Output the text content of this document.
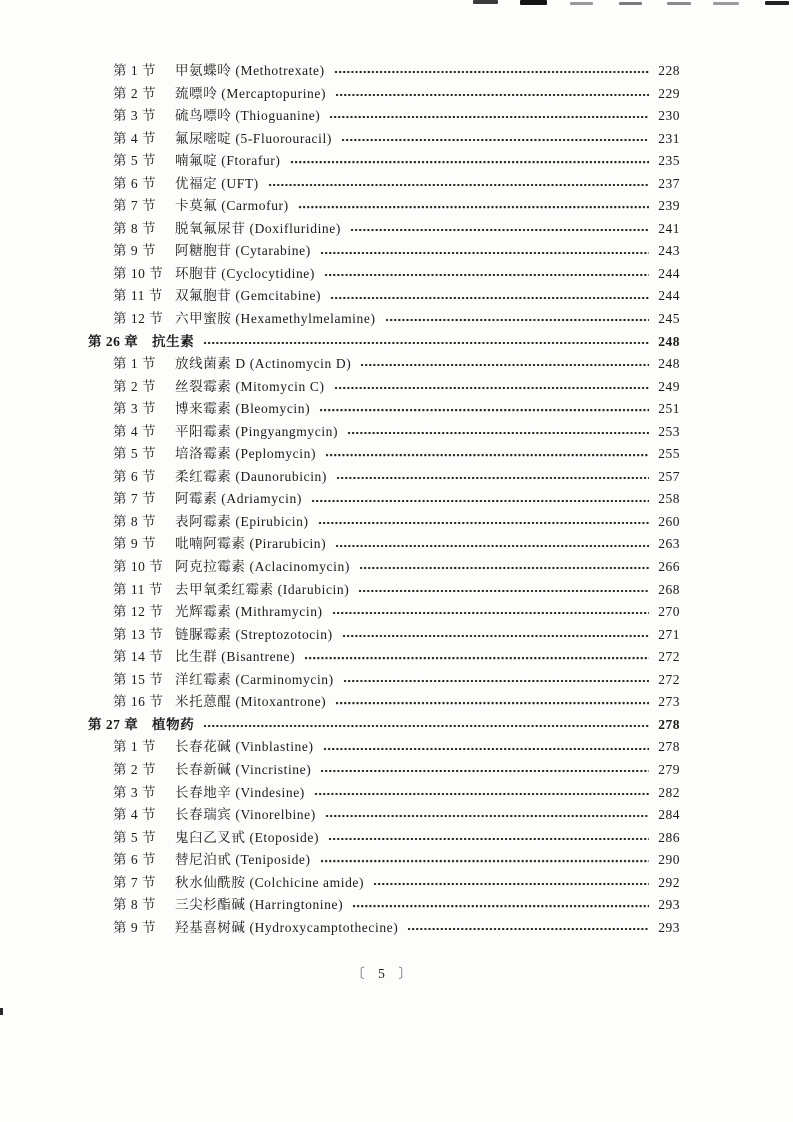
第 1 节	甲氨蝶呤 (Methotrexate)	228
第 2 节	巯嘌呤 (Mercaptopurine)	229
第 3 节	硫鸟嘌呤 (Thioguanine)	230
第 4 节	氟尿嘧啶 (5-Fluorouracil)	231
第 5 节	喃氟啶 (Ftorafur)	235
第 6 节	优福定 (UFT)	237
第 7 节	卡莫氟 (Carmofur)	239
第 8 节	脱氧氟尿苷 (Doxifluridine)	241
第 9 节	阿糖胞苷 (Cytarabine)	243
第 10 节 环胞苷 (Cyclocytidine)	244
第 11 节 双氟胞苷 (Gemcitabine)	244
第 12 节 六甲蜜胺 (Hexamethylmelamine)	245
第 26 章	抗生素	248
第 1 节	放线菌素 D (Actinomycin D)	248
第 2 节	丝裂霉素 (Mitomycin C)	249
第 3 节	博来霉素 (Bleomycin)	251
第 4 节	平阳霉素 (Pingyangmycin)	253
第 5 节	培洛霉素 (Peplomycin)	255
第 6 节	柔红霉素 (Daunorubicin)	257
第 7 节	阿霉素 (Adriamycin)	258
第 8 节	表阿霉素 (Epirubicin)	260
第 9 节	吡喃阿霉素 (Pirarubicin)	263
第 10 节 阿克拉霉素 (Aclacinomycin)	266
第 11 节 去甲氧柔红霉素 (Idarubicin)	268
第 12 节 光辉霉素 (Mithramycin)	270
第 13 节 链脲霉素 (Streptozotocin)	271
第 14 节 比生群 (Bisantrene)	272
第 15 节 洋红霉素 (Carminomycin)	272
第 16 节 米托蒽醌 (Mitoxantrone)	273
第 27 章	植物药	278
第 1 节	长春花碱 (Vinblastine)	278
第 2 节	长春新碱 (Vincristine)	279
第 3 节	长春地辛 (Vindesine)	282
第 4 节	长春瑞宾 (Vinorelbine)	284
第 5 节	鬼臼乙叉甙 (Etoposide)	286
第 6 节	替尼泊甙 (Teniposide)	290
第 7 节	秋水仙酰胺 (Colchicine amide)	292
第 8 节	三尖杉酯碱 (Harringtonine)	293
第 9 节	羟基喜树碱 (Hydroxycamptothecine)	293
〔 5 〕
